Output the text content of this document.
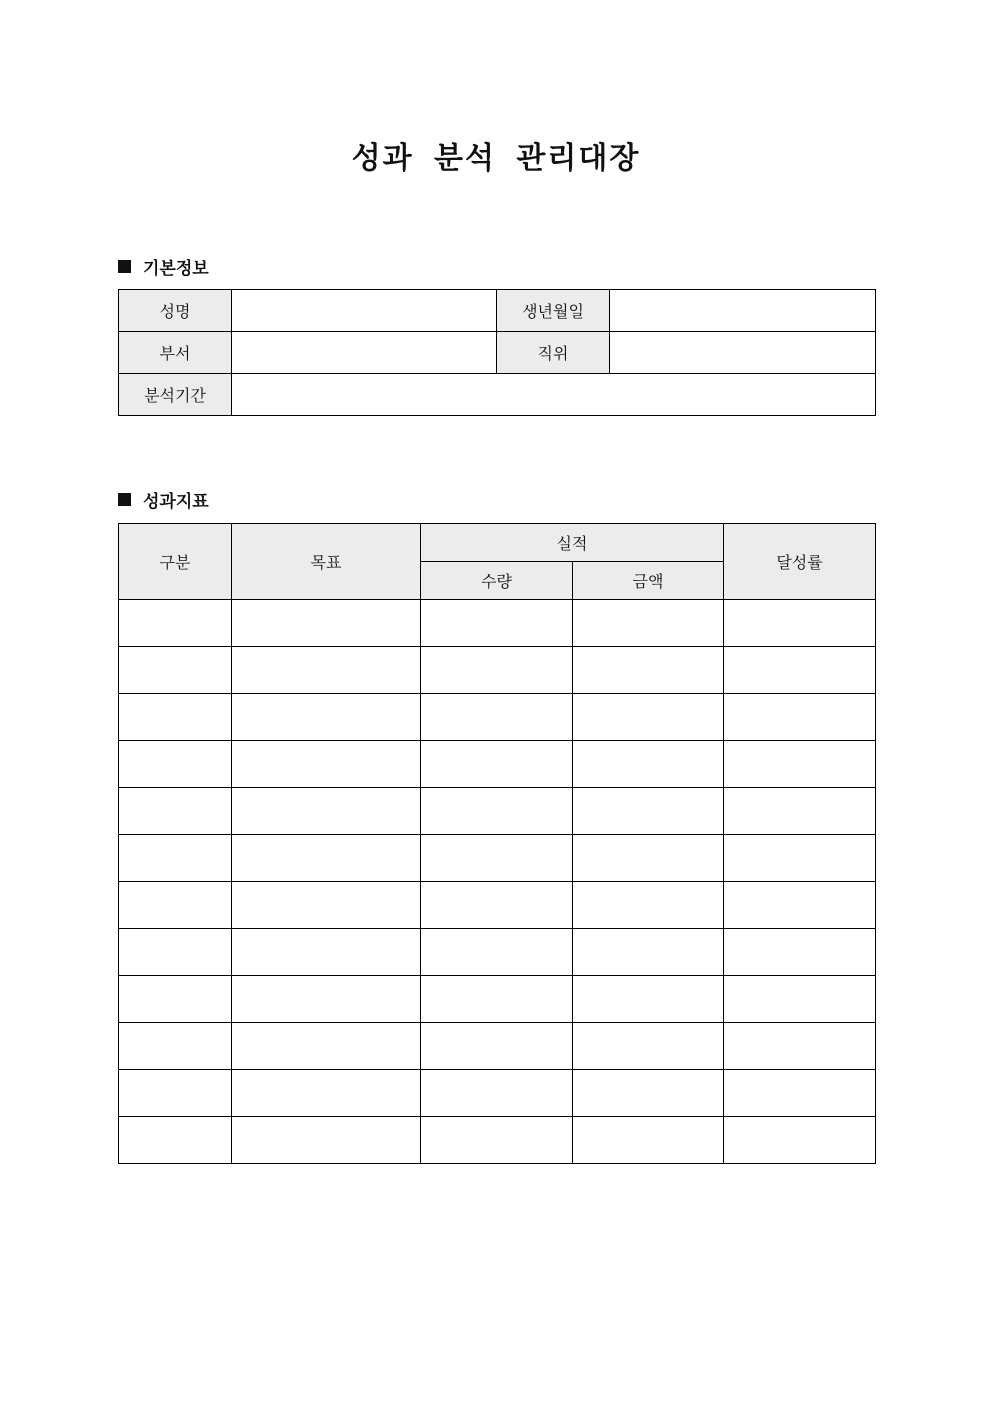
성과 분석 관리대장
기본정보
성명		생년월일	
부서		직위	
분석기간			
성과지표
구분	목표	실적		달성률
		수량	금액	
